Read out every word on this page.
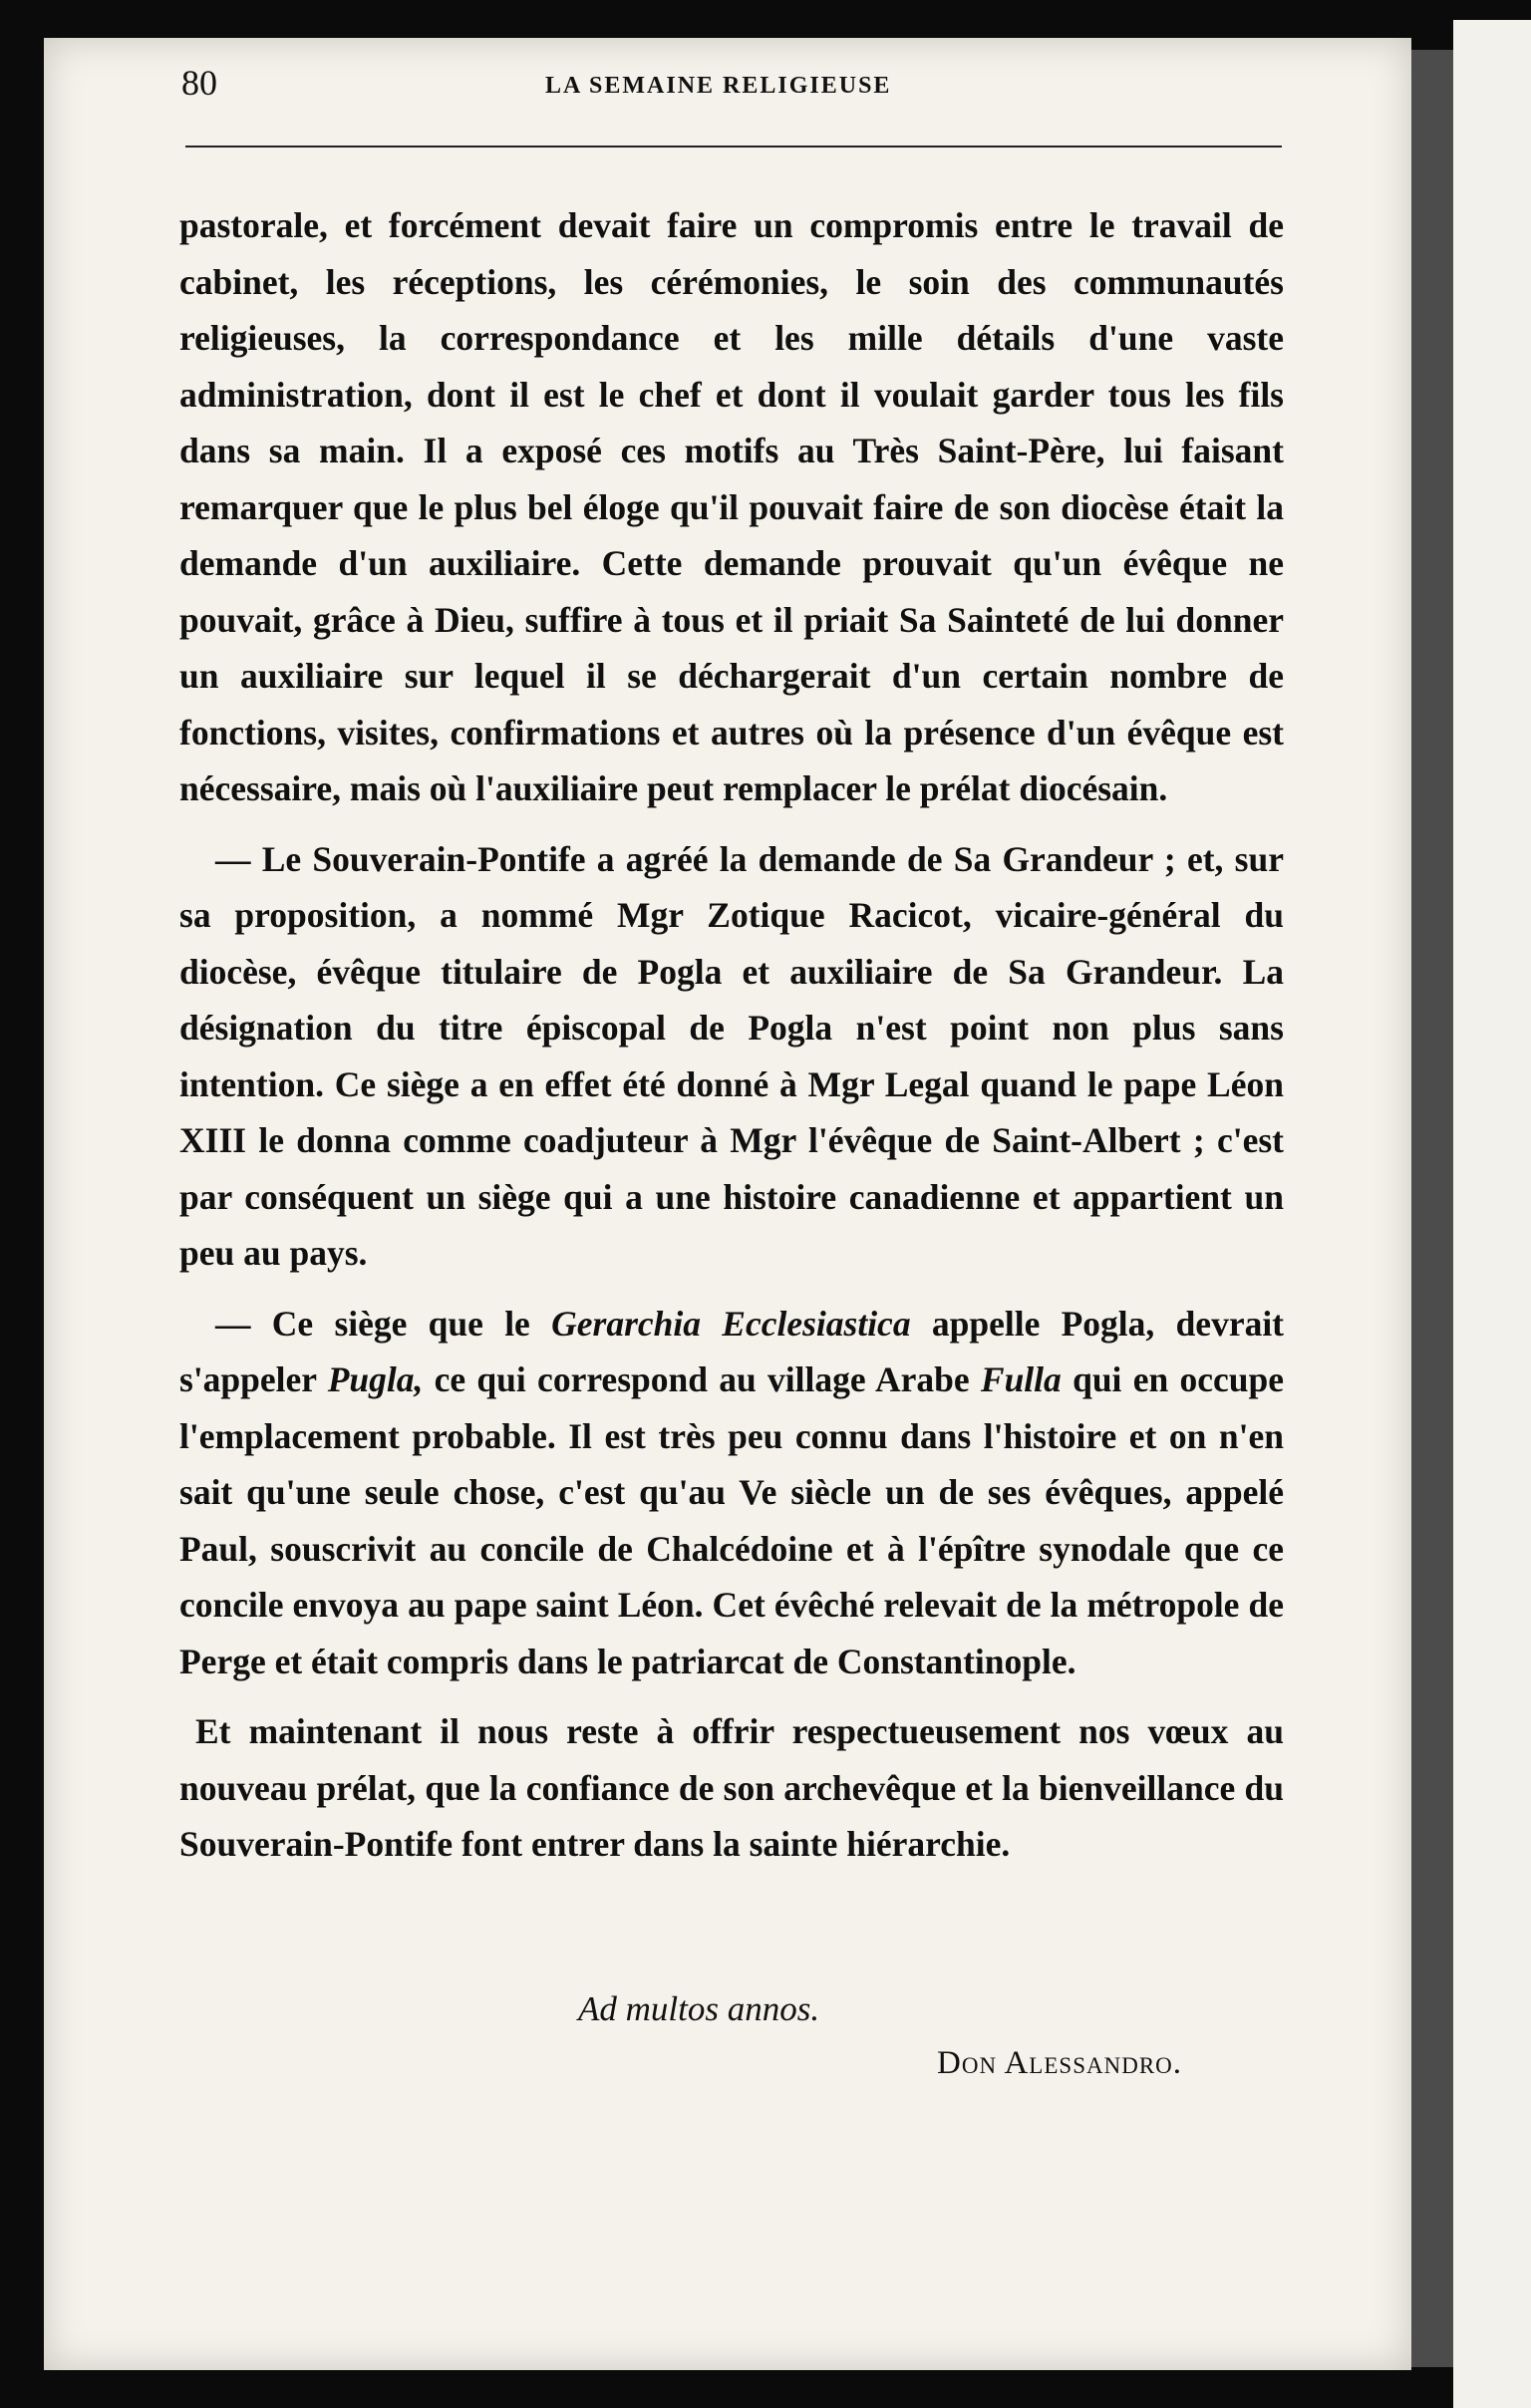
80	LA SEMAINE RELIGIEUSE

pastorale, et forcément devait faire un compromis entre le travail de cabinet, les réceptions, les cérémonies, le soin des communautés religieuses, la correspondance et les mille détails d'une vaste administration, dont il est le chef et dont il voulait garder tous les fils dans sa main. Il a exposé ces motifs au Très Saint-Père, lui faisant remarquer que le plus bel éloge qu'il pouvait faire de son diocèse était la demande d'un auxiliaire. Cette demande prouvait qu'un évêque ne pouvait, grâce à Dieu, suffire à tous et il priait Sa Sainteté de lui donner un auxiliaire sur lequel il se déchargerait d'un certain nombre de fonctions, visites, confirmations et autres où la présence d'un évêque est nécessaire, mais où l'auxiliaire peut remplacer le prélat diocésain.

— Le Souverain-Pontife a agréé la demande de Sa Grandeur ; et, sur sa proposition, a nommé Mgr Zotique Racicot, vicaire-général du diocèse, évêque titulaire de Pogla et auxiliaire de Sa Grandeur. La désignation du titre épiscopal de Pogla n'est point non plus sans intention. Ce siège a en effet été donné à Mgr Legal quand le pape Léon XIII le donna comme coadjuteur à Mgr l'évêque de Saint-Albert ; c'est par conséquent un siège qui a une histoire canadienne et appartient un peu au pays.

— Ce siège que le Gerarchia Ecclesiastica appelle Pogla, devrait s'appeler Pugla, ce qui correspond au village Arabe Fulla qui en occupe l'emplacement probable. Il est très peu connu dans l'histoire et on n'en sait qu'une seule chose, c'est qu'au Ve siècle un de ses évêques, appelé Paul, souscrivit au concile de Chalcédoine et à l'épître synodale que ce concile envoya au pape saint Léon. Cet évêché relevait de la métropole de Perge et était compris dans le patriarcat de Constantinople.

Et maintenant il nous reste à offrir respectueusement nos vœux au nouveau prélat, que la confiance de son archevêque et la bienveillance du Souverain-Pontife font entrer dans la sainte hiérarchie.

Ad multos annos.
Don Alessandro.
